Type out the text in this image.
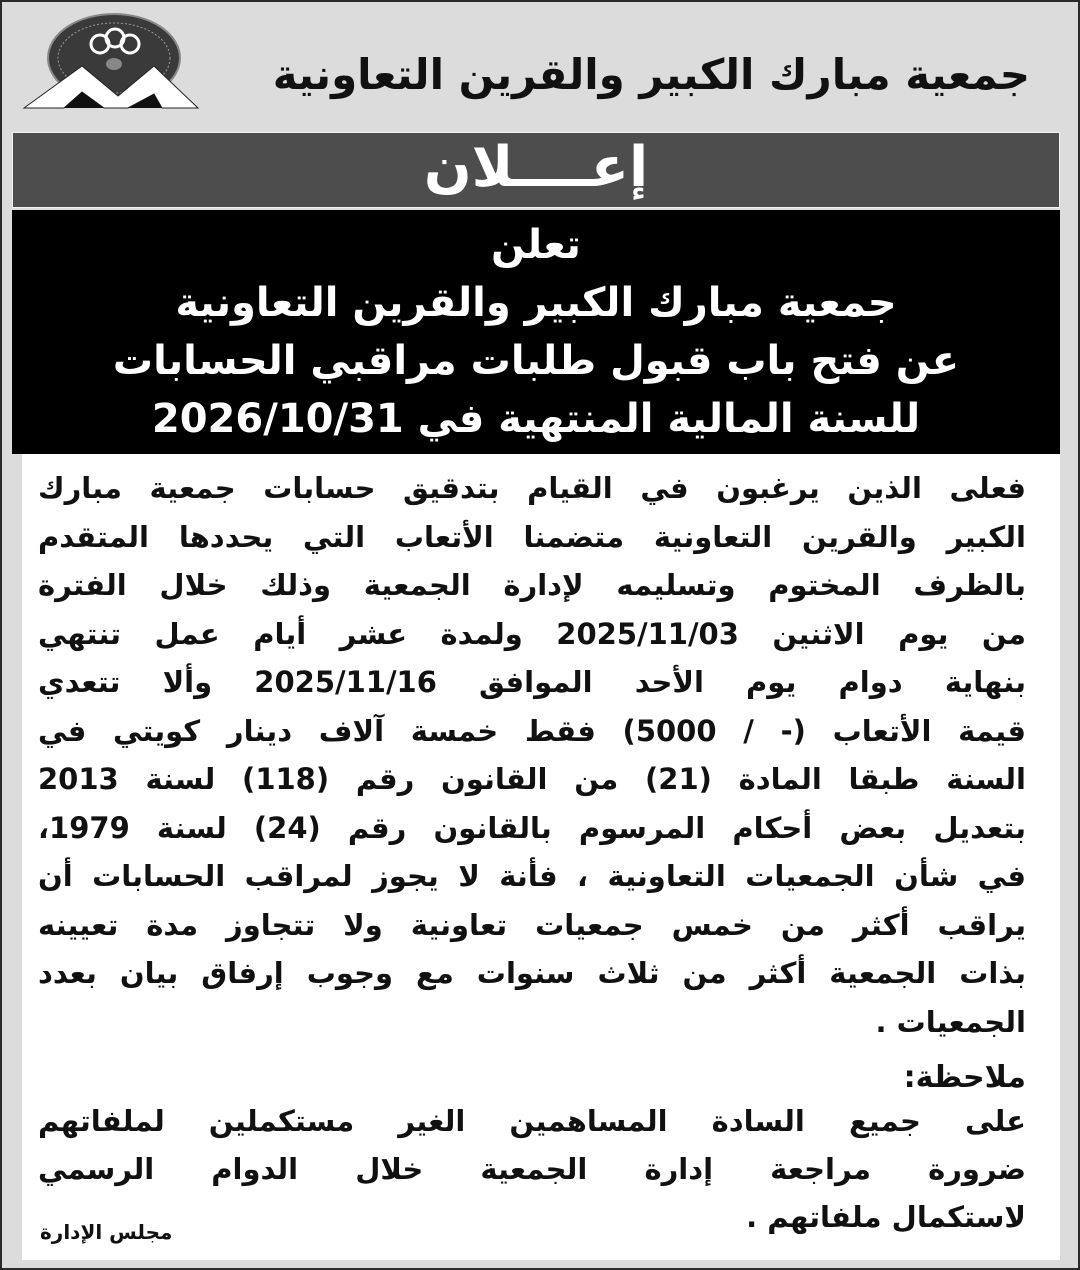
جمعية مبارك الكبير والقرين التعاونية
إعــــلان
تعلن
جمعية مبارك الكبير والقرين التعاونية
عن فتح باب قبول طلبات مراقبي الحسابات
للسنة المالية المنتهية في 2026/10/31
فعلى الذين يرغبون في القيام بتدقيق حسابات جمعية مبارك
الكبير والقرين التعاونية متضمنا الأتعاب التي يحددها المتقدم
بالظرف المختوم وتسليمه لإدارة الجمعية وذلك خلال الفترة
من يوم الاثنين 2025/11/03 ولمدة عشر أيام عمل تنتهي
بنهاية دوام يوم الأحد الموافق 2025/11/16 وألا تتعدي
قيمة الأتعاب (- / 5000) فقط خمسة آلاف دينار كويتي في
السنة طبقا المادة (21) من القانون رقم (118) لسنة 2013
بتعديل بعض أحكام المرسوم بالقانون رقم (24) لسنة 1979،
في شأن الجمعيات التعاونية ، فأنة لا يجوز لمراقب الحسابات أن
يراقب أكثر من خمس جمعيات تعاونية ولا تتجاوز مدة تعيينه
بذات الجمعية أكثر من ثلاث سنوات مع وجوب إرفاق بيان بعدد
الجمعيات .
ملاحظة:
على جميع السادة المساهمين الغير مستكملين لملفاتهم
ضرورة مراجعة إدارة الجمعية خلال الدوام الرسمي
لاستكمال ملفاتهم .
مجلس الإدارة
